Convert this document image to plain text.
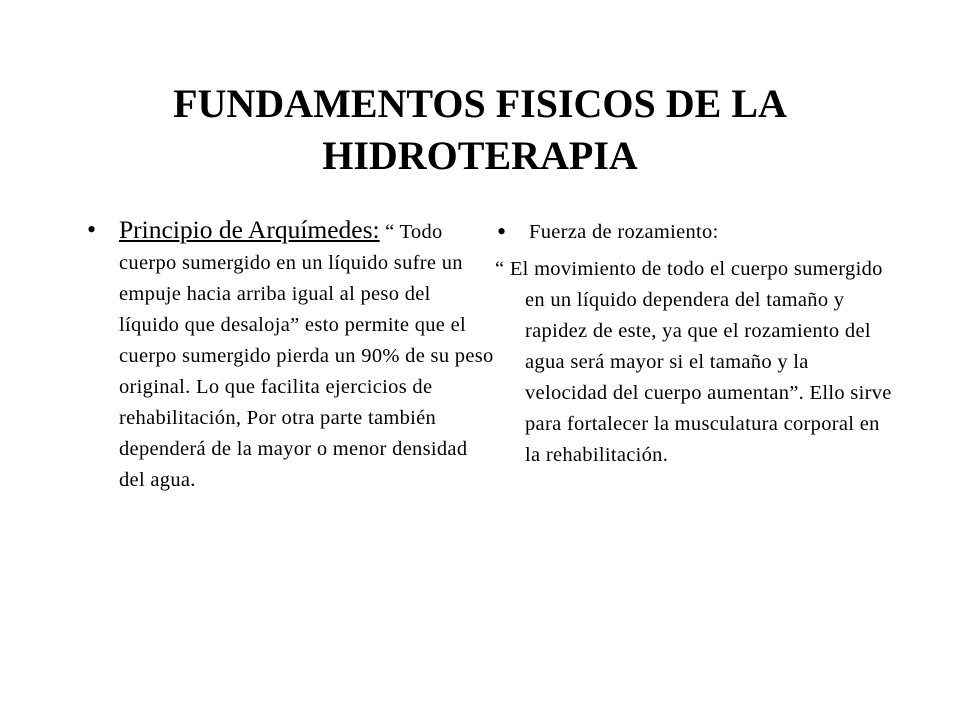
FUNDAMENTOS FISICOS DE LA
HIDROTERAPIA
• Principio de Arquímedes: “ Todo cuerpo sumergido en un líquido sufre un empuje hacia arriba igual al peso del líquido que desaloja” esto permite que el cuerpo sumergido pierda un 90% de su peso original. Lo que facilita ejercicios de rehabilitación, Por otra parte también dependerá de la mayor o menor densidad del agua.
•	Fuerza de rozamiento:
“ El movimiento de todo el cuerpo sumergido en un líquido dependera del tamaño y rapidez de este, ya que el rozamiento del agua será mayor si el tamaño y la velocidad del cuerpo aumentan”. Ello sirve para fortalecer la musculatura corporal en la rehabilitación.
